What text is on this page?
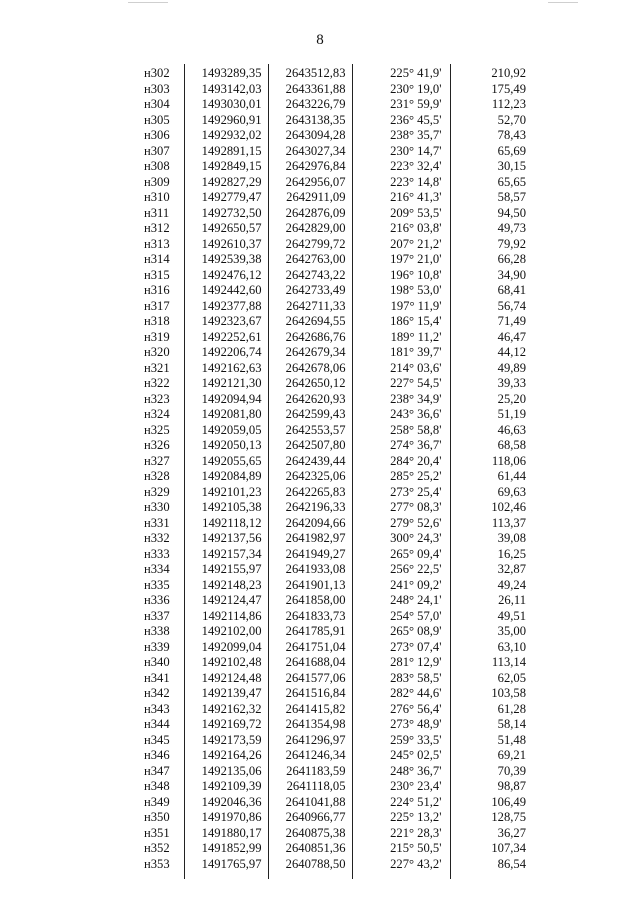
8
н302	1493289,35	2643512,83	225° 41,9'	210,92
н303	1493142,03	2643361,88	230° 19,0'	175,49
н304	1493030,01	2643226,79	231° 59,9'	112,23
н305	1492960,91	2643138,35	236° 45,5'	52,70
н306	1492932,02	2643094,28	238° 35,7'	78,43
н307	1492891,15	2643027,34	230° 14,7'	65,69
н308	1492849,15	2642976,84	223° 32,4'	30,15
н309	1492827,29	2642956,07	223° 14,8'	65,65
н310	1492779,47	2642911,09	216° 41,3'	58,57
н311	1492732,50	2642876,09	209° 53,5'	94,50
н312	1492650,57	2642829,00	216° 03,8'	49,73
н313	1492610,37	2642799,72	207° 21,2'	79,92
н314	1492539,38	2642763,00	197° 21,0'	66,28
н315	1492476,12	2642743,22	196° 10,8'	34,90
н316	1492442,60	2642733,49	198° 53,0'	68,41
н317	1492377,88	2642711,33	197° 11,9'	56,74
н318	1492323,67	2642694,55	186° 15,4'	71,49
н319	1492252,61	2642686,76	189° 11,2'	46,47
н320	1492206,74	2642679,34	181° 39,7'	44,12
н321	1492162,63	2642678,06	214° 03,6'	49,89
н322	1492121,30	2642650,12	227° 54,5'	39,33
н323	1492094,94	2642620,93	238° 34,9'	25,20
н324	1492081,80	2642599,43	243° 36,6'	51,19
н325	1492059,05	2642553,57	258° 58,8'	46,63
н326	1492050,13	2642507,80	274° 36,7'	68,58
н327	1492055,65	2642439,44	284° 20,4'	118,06
н328	1492084,89	2642325,06	285° 25,2'	61,44
н329	1492101,23	2642265,83	273° 25,4'	69,63
н330	1492105,38	2642196,33	277° 08,3'	102,46
н331	1492118,12	2642094,66	279° 52,6'	113,37
н332	1492137,56	2641982,97	300° 24,3'	39,08
н333	1492157,34	2641949,27	265° 09,4'	16,25
н334	1492155,97	2641933,08	256° 22,5'	32,87
н335	1492148,23	2641901,13	241° 09,2'	49,24
н336	1492124,47	2641858,00	248° 24,1'	26,11
н337	1492114,86	2641833,73	254° 57,0'	49,51
н338	1492102,00	2641785,91	265° 08,9'	35,00
н339	1492099,04	2641751,04	273° 07,4'	63,10
н340	1492102,48	2641688,04	281° 12,9'	113,14
н341	1492124,48	2641577,06	283° 58,5'	62,05
н342	1492139,47	2641516,84	282° 44,6'	103,58
н343	1492162,32	2641415,82	276° 56,4'	61,28
н344	1492169,72	2641354,98	273° 48,9'	58,14
н345	1492173,59	2641296,97	259° 33,5'	51,48
н346	1492164,26	2641246,34	245° 02,5'	69,21
н347	1492135,06	2641183,59	248° 36,7'	70,39
н348	1492109,39	2641118,05	230° 23,4'	98,87
н349	1492046,36	2641041,88	224° 51,2'	106,49
н350	1491970,86	2640966,77	225° 13,2'	128,75
н351	1491880,17	2640875,38	221° 28,3'	36,27
н352	1491852,99	2640851,36	215° 50,5'	107,34
н353	1491765,97	2640788,50	227° 43,2'	86,54
